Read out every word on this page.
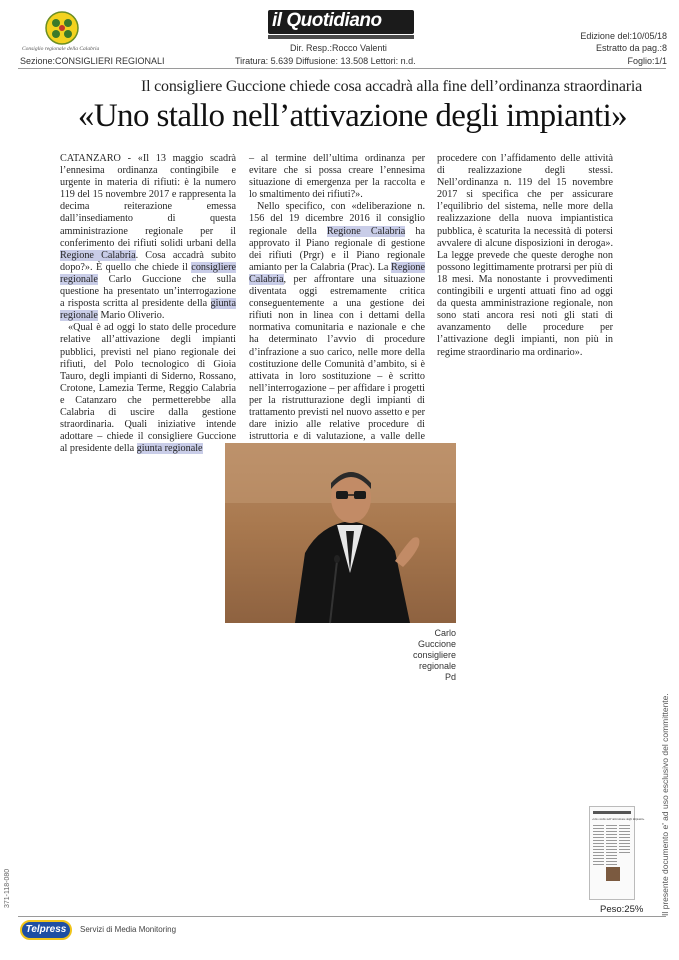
Consiglio regionale della Calabria
Sezione:CONSIGLIERI REGIONALI
il Quotidiano
Dir. Resp.:Rocco Valenti
Tiratura: 5.639 Diffusione: 13.508 Lettori: n.d.
Edizione del:10/05/18
Estratto da pag.:8
Foglio:1/1
Il consigliere Guccione chiede cosa accadrà alla fine dell’ordinanza straordinaria
«Uno stallo nell’attivazione degli impianti»

CATANZARO - «Il 13 maggio scadrà l’ennesima ordinanza contingibile e urgente in materia di rifiuti: è la numero 119 del 15 novembre 2017 e rappresenta la decima reiterazione emessa dall’insediamento di questa amministrazione regionale per il conferimento dei rifiuti solidi urbani della Regione Calabria. Cosa accadrà subito dopo?». È quello che chiede il consigliere regionale Carlo Guccione che sulla questione ha presentato un’interrogazione a risposta scritta al presidente della giunta regionale Mario Oliverio.

«Qual è ad oggi lo stato delle procedure relative all’attivazione degli impianti pubblici, previsti nel piano regionale dei rifiuti, del Polo tecnologico di Gioia Tauro, degli impianti di Siderno, Rossano, Crotone, Lamezia Terme, Reggio Calabria e Catanzaro che permetterebbe alla Calabria di uscire dalla gestione straordinaria. Quali iniziative intende adottare – chiede il consigliere Guccione al presidente della giunta regionale

– al termine dell’ultima ordinanza per evitare che si possa creare l’ennesima situazione di emergenza per la raccolta e lo smaltimento dei rifiuti?».

Nello specifico, con «deliberazione n. 156 del 19 dicembre 2016 il consiglio regionale della Regione Calabria ha approvato il Piano regionale di gestione dei rifiuti (Prgr) e il Piano regionale amianto per la Calabria (Prac). La Regione Calabria, per affrontare una situazione diventata oggi estremamente critica conseguentemente a una gestione dei rifiuti non in linea con i dettami della normativa comunitaria e nazionale e che ha determinato l’avvio di procedure d’infrazione a suo carico, nelle more della costituzione delle Comunità d’ambito, si è attivata in loro sostituzione – è scritto nell’interrogazione – per affidare i progetti per la ristrutturazione degli impianti di trattamento previsti nel nuovo assetto e per dare inizio alle relative procedure di istruttoria e di valutazione, a valle delle

procedere con l’affidamento delle attività di realizzazione degli stessi. Nell’ordinanza n. 119 del 15 novembre 2017 si specifica che per assicurare l’equilibrio del sistema, nelle more della realizzazione della nuova impiantistica pubblica, è scaturita la necessità di potersi avvalere di alcune disposizioni in deroga». La legge prevede che queste deroghe non possono legittimamente protrarsi per più di 18 mesi. Ma nonostante i provvedimenti contingibili e urgenti attuati fino ad oggi da questa amministrazione regionale, non sono stati ancora resi noti gli stati di avanzamento delle procedure per l’attivazione degli impianti, non più in regime straordinario ma ordinario».

Carlo
Guccione
consigliere
regionale Pd
Il presente documento e' ad uso esclusivo del committente.
371-118-080
«Uno stallo nell’attivazione degli impianti»
Peso:25%
Telpress	Servizi di Media Monitoring
